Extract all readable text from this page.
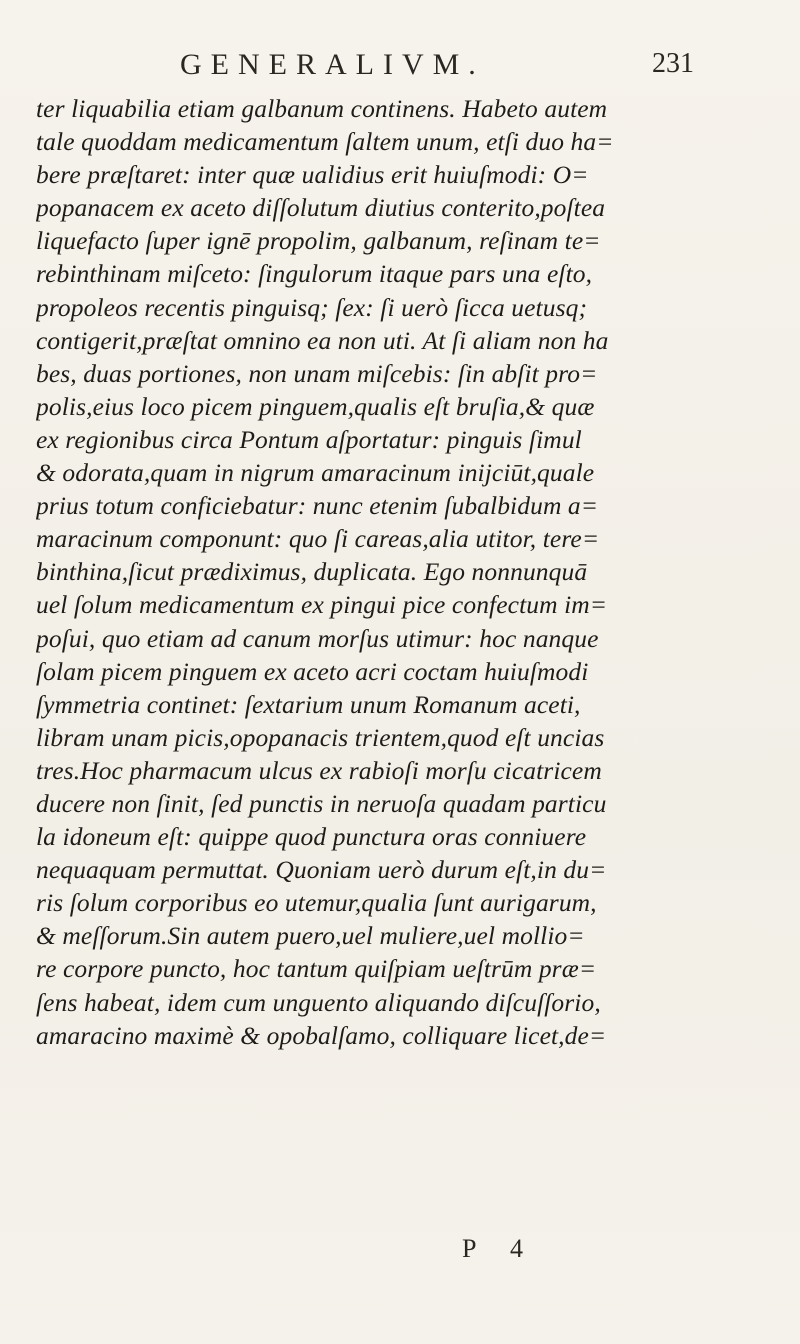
GENERALIVM.	231
ter liquabilia etiam galbanum continens. Habeto autem
tale quoddam medicamentum ſaltem unum, etſi duo ha=
bere præſtaret: inter quæ ualidius erit huiuſmodi: O=
popanacem ex aceto diſſolutum diutius conterito,poſtea
liquefacto ſuper ignē propolim, galbanum, reſinam te=
rebinthinam miſceto: ſingulorum itaque pars una eſto,
propoleos recentis pinguisq; ſex: ſi uerò ſicca uetusq;
contigerit,præſtat omnino ea non uti. At ſi aliam non ha
bes, duas portiones, non unam miſcebis: ſin abſit pro=
polis,eius loco picem pinguem,qualis eſt bruſia,& quæ
ex regionibus circa Pontum aſportatur: pinguis ſimul
& odorata,quam in nigrum amaracinum inijciūt,quale
prius totum conficiebatur: nunc etenim ſubalbidum a=
maracinum componunt: quo ſi careas,alia utitor, tere=
binthina,ſicut prædiximus, duplicata. Ego nonnunquā
uel ſolum medicamentum ex pingui pice confectum im=
poſui, quo etiam ad canum morſus utimur: hoc nanque
ſolam picem pinguem ex aceto acri coctam huiuſmodi
ſymmetria continet: ſextarium unum Romanum aceti,
libram unam picis,opopanacis trientem,quod eſt uncias
tres.Hoc pharmacum ulcus ex rabioſi morſu cicatricem
ducere non ſinit, ſed punctis in neruoſa quadam particu
la idoneum eſt: quippe quod punctura oras conniuere
nequaquam permuttat. Quoniam uerò durum eſt,in du=
ris ſolum corporibus eo utemur,qualia ſunt aurigarum,
& meſſorum.Sin autem puero,uel muliere,uel mollio=
re corpore puncto, hoc tantum quiſpiam ueſtrūm præ=
ſens habeat, idem cum unguento aliquando diſcuſſorio,
amaracino maximè & opobalſamo, colliquare licet,de=
P 4
